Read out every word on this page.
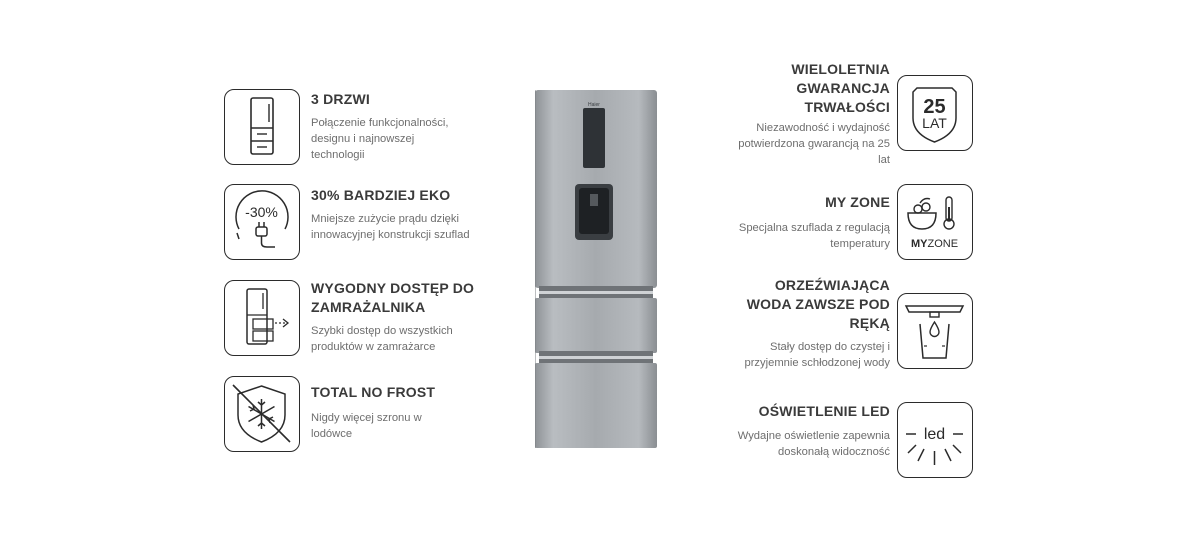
3 DRZWI
Połączenie funkcjonalności, designu i najnowszej technologii
-30%
30% BARDZIEJ EKO
Mniejsze zużycie prądu dzięki innowacyjnej konstrukcji szuflad
WYGODNY DOSTĘP DO ZAMRAŻALNIKA
Szybki dostęp do wszystkich produktów w zamrażarce
TOTAL NO FROST
Nigdy więcej szronu w lodówce
Haier
WIELOLETNIA GWARANCJA TRWAŁOŚCI
Niezawodność i wydajność potwierdzona gwarancją na 25 lat
25
LAT
MY ZONE
Specjalna szuflada z regulacją temperatury MYZONE
ORZEŹWIAJĄCA WODA ZAWSZE POD RĘKĄ
Stały dostęp do czystej i przyjemnie schłodzonej wody
OŚWIETLENIE LED
Wydajne oświetlenie zapewnia doskonałą widoczność
led
